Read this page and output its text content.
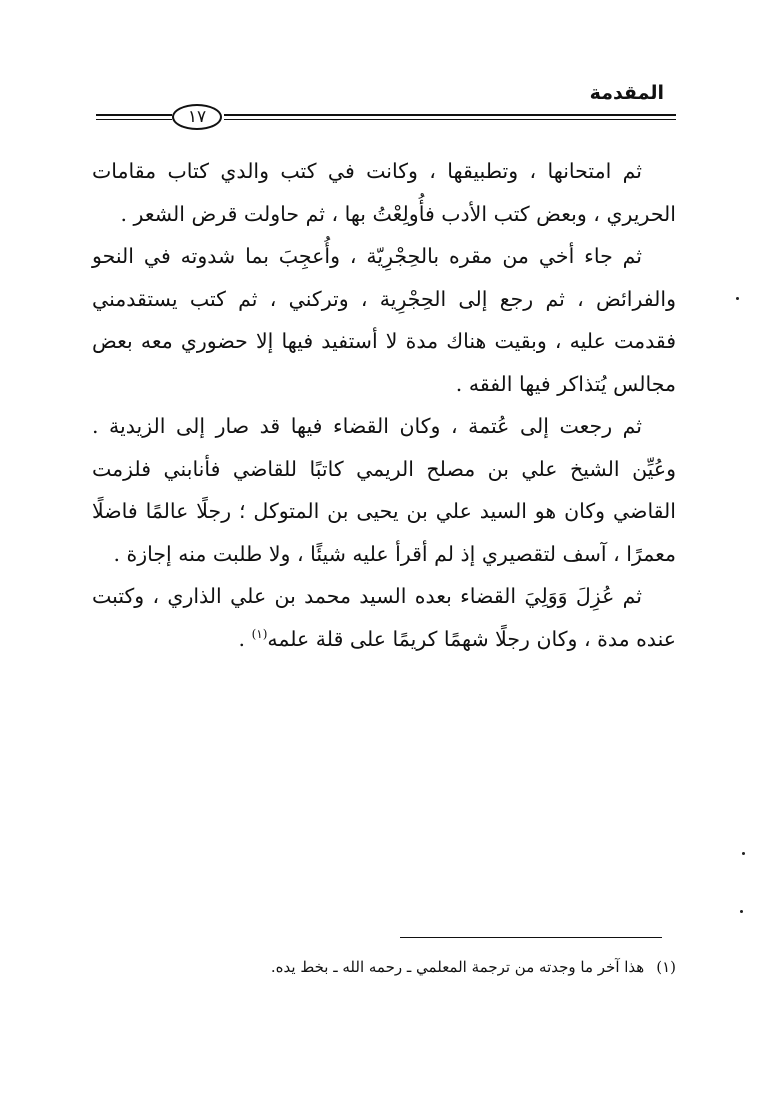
المقدمة
١٧

ثم امتحانها ، وتطبيقها ، وكانت في كتب والدي كتاب مقامات الحريري ، وبعض كتب الأدب فأُولِعْتُ بها ، ثم حاولت قرض الشعر .

ثم جاء أخي من مقره بالحِجْرِيّة ، وأُعجِبَ بما شدوته في النحو والفرائض ، ثم رجع إلى الحِجْرِية ، وتركني ، ثم كتب يستقدمني فقدمت عليه ، وبقيت هناك مدة لا أستفيد فيها إلا حضوري معه بعض مجالس يُتذاكر فيها الفقه .

ثم رجعت إلى عُتمة ، وكان القضاء فيها قد صار إلى الزيدية . وعُيِّن الشيخ علي بن مصلح الريمي كاتبًا للقاضي فأنابني فلزمت القاضي وكان هو السيد علي بن يحيى بن المتوكل ؛ رجلًا عالمًا فاضلًا معمرًا ، آسف لتقصيري إذ لم أقرأ عليه شيئًا ، ولا طلبت منه إجازة .

ثم عُزِلَ وَوَلِيَ القضاء بعده السيد محمد بن علي الذاري ، وكتبت عنده مدة ، وكان رجلًا شهمًا كريمًا على قلة علمه$^{(١)}$ .

(١)هذا آخر ما وجدته من ترجمة المعلمي ـ رحمه الله ـ بخط يده.
